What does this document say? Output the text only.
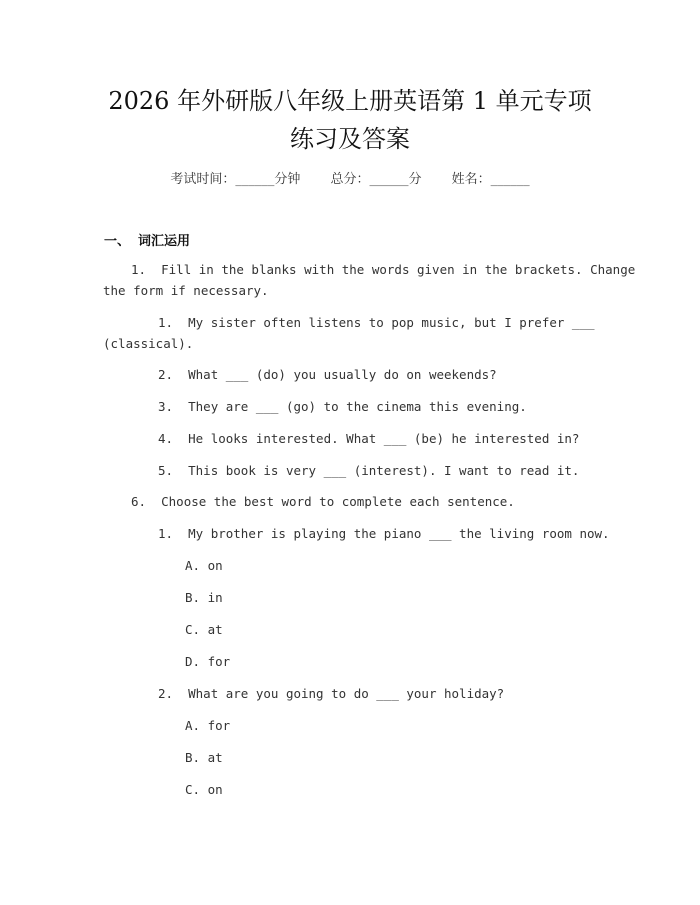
2026 年外研版八年级上册英语第 1 单元专项
练习及答案
考试时间：______分钟 总分：______分 姓名：______
一、 词汇运用
1. Fill in the blanks with the words given in the brackets. Change
the form if necessary.
1. My sister often listens to pop music, but I prefer ___
(classical).
2. What ___ (do) you usually do on weekends?
3. They are ___ (go) to the cinema this evening.
4. He looks interested. What ___ (be) he interested in?
5. This book is very ___ (interest). I want to read it.
6. Choose the best word to complete each sentence.
1. My brother is playing the piano ___ the living room now.
A. on
B. in
C. at
D. for
2. What are you going to do ___ your holiday?
A. for
B. at
C. on
